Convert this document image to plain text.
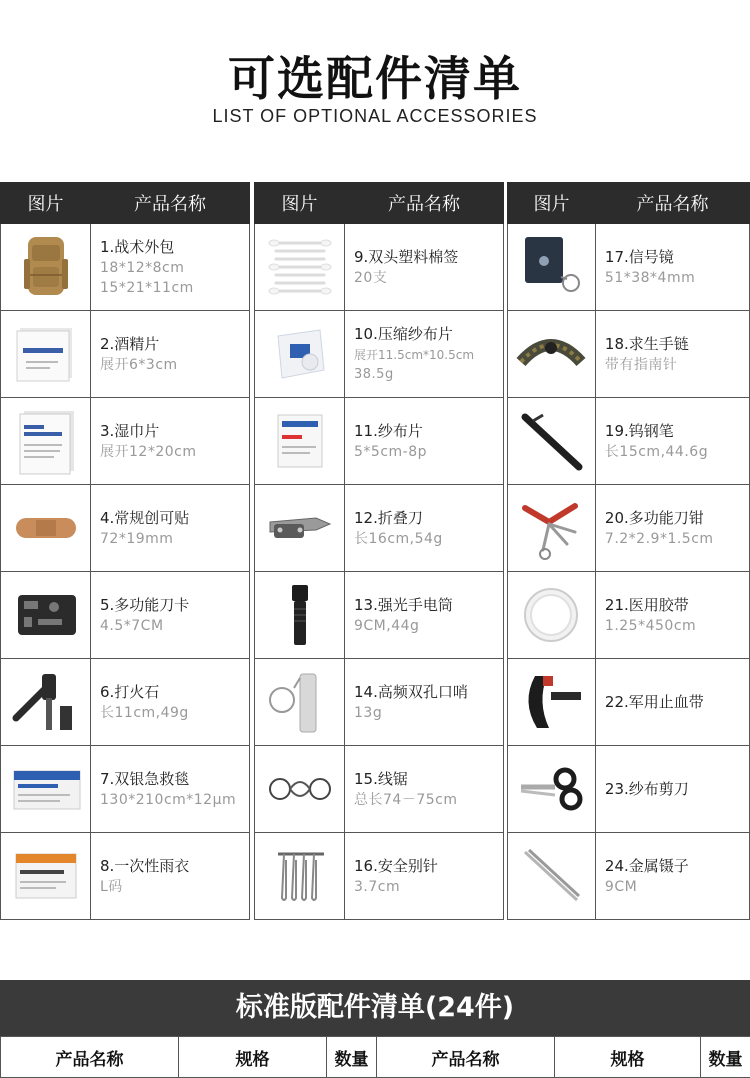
可选配件清单
LIST OF OPTIONAL ACCESSORIES
图片	产品名称

1.战术外包
18*12*8cm
15*21*11cm

2.酒精片
展开6*3cm

3.湿巾片
展开12*20cm

4.常规创可贴
72*19mm

5.多功能刀卡
4.5*7CM

6.打火石
长11cm,49g

7.双银急救毯
130*210cm*12μm

8.一次性雨衣
L码
图片	产品名称

9.双头塑料棉签
20支

10.压缩纱布片
展开11.5cm*10.5cm
38.5g

11.纱布片
5*5cm-8p

12.折叠刀
长16cm,54g

13.强光手电筒
9CM,44g

14.高频双孔口哨
13g

15.线锯
总长74－75cm

16.安全别针
3.7cm
图片	产品名称

17.信号镜
51*38*4mm

18.求生手链
带有指南针

19.钨钢笔
长15cm,44.6g

20.多功能刀钳
7.2*2.9*1.5cm

21.医用胶带
1.25*450cm

22.军用止血带

23.纱布剪刀

24.金属镊子
9CM
标准版配件清单(24件)
产品名称	规格	数量	产品名称	规格	数量
